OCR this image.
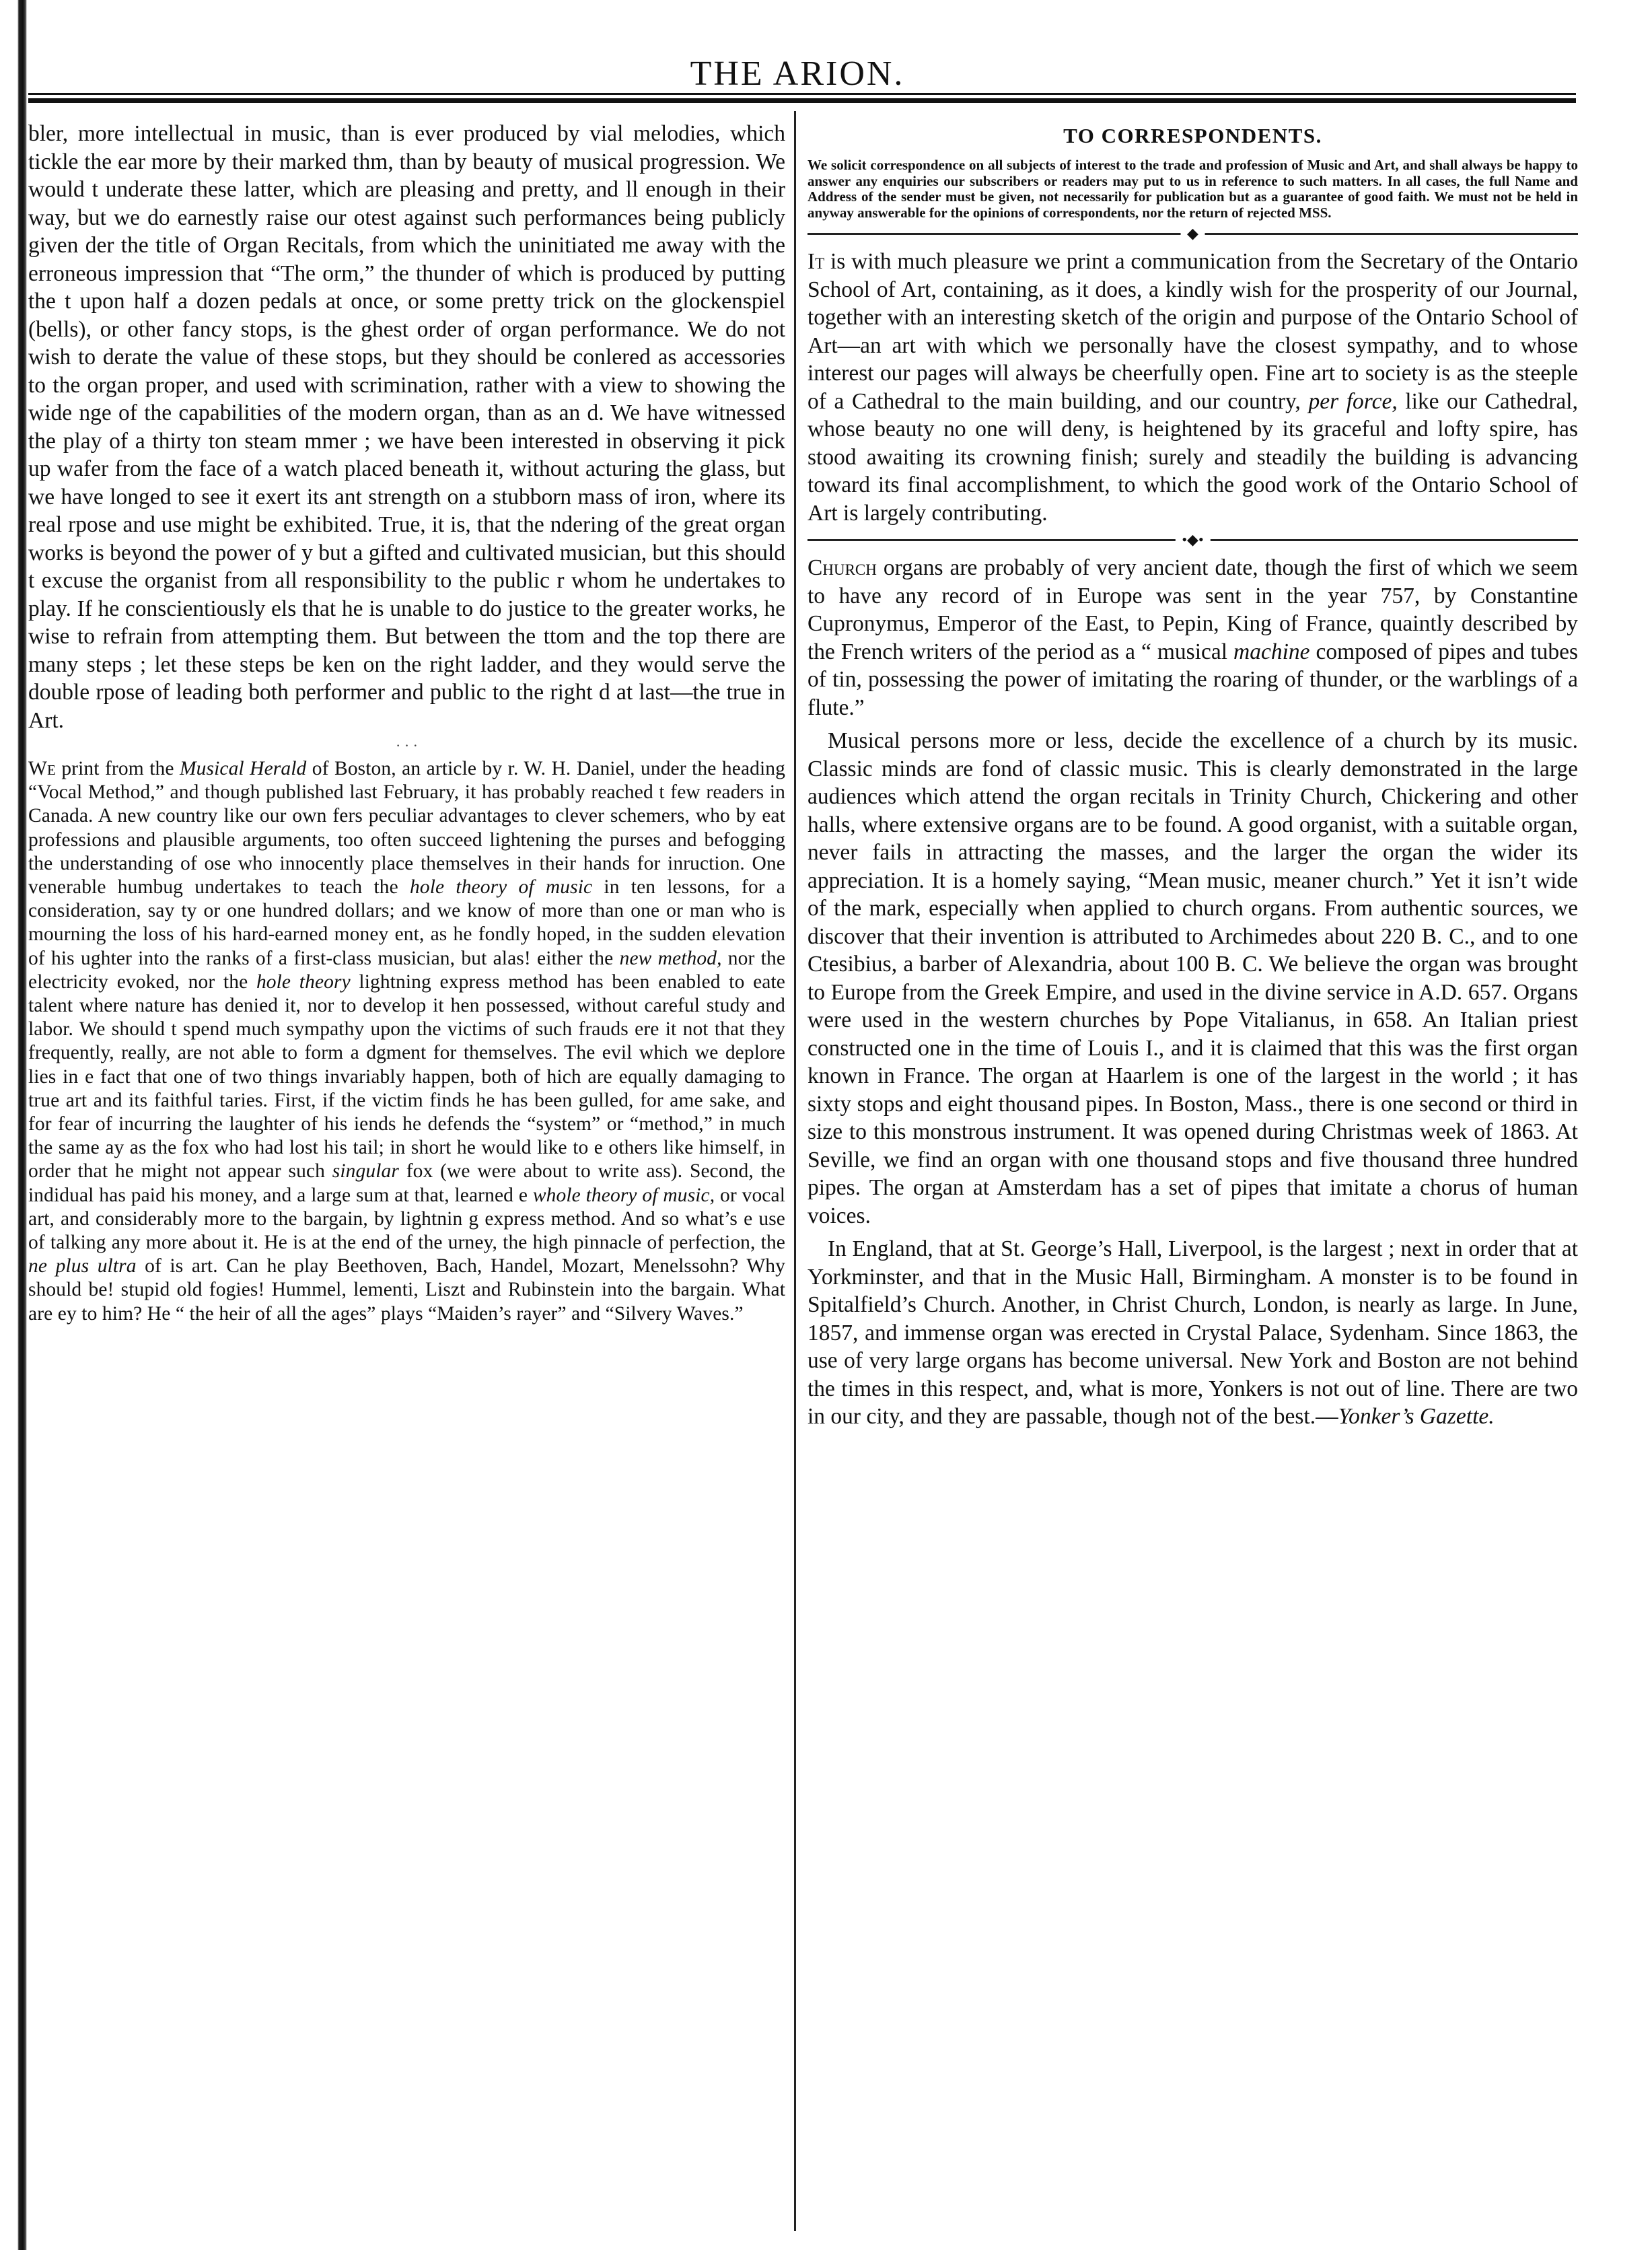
THE ARION.

bler, more intellectual in music, than is ever produced by vial melodies, which tickle the ear more by their marked thm, than by beauty of musical progression. We would t underate these latter, which are pleasing and pretty, and ll enough in their way, but we do earnestly raise our otest against such performances being publicly given der the title of Organ Recitals, from which the uninitiated me away with the erroneous impression that “The orm,” the thunder of which is produced by putting the t upon half a dozen pedals at once, or some pretty trick on the glockenspiel (bells), or other fancy stops, is the ghest order of organ performance. We do not wish to derate the value of these stops, but they should be conlered as accessories to the organ proper, and used with scrimination, rather with a view to showing the wide nge of the capabilities of the modern organ, than as an d. We have witnessed the play of a thirty ton steam mmer ; we have been interested in observing it pick up wafer from the face of a watch placed beneath it, without acturing the glass, but we have longed to see it exert its ant strength on a stubborn mass of iron, where its real rpose and use might be exhibited. True, it is, that the ndering of the great organ works is beyond the power of y but a gifted and cultivated musician, but this should t excuse the organist from all responsibility to the public r whom he undertakes to play. If he conscientiously els that he is unable to do justice to the greater works, he wise to refrain from attempting them. But between the ttom and the top there are many steps ; let these steps be ken on the right ladder, and they would serve the double rpose of leading both performer and public to the right d at last—the true in Art.

· · ·

We print from the Musical Herald of Boston, an article by r. W. H. Daniel, under the heading “Vocal Method,” and though published last February, it has probably reached t few readers in Canada. A new country like our own fers peculiar advantages to clever schemers, who by eat professions and plausible arguments, too often succeed lightening the purses and befogging the understanding of ose who innocently place themselves in their hands for inruction. One venerable humbug undertakes to teach the hole theory of music in ten lessons, for a consideration, say ty or one hundred dollars; and we know of more than one or man who is mourning the loss of his hard-earned money ent, as he fondly hoped, in the sudden elevation of his ughter into the ranks of a first-class musician, but alas! either the new method, nor the electricity evoked, nor the hole theory lightning express method has been enabled to eate talent where nature has denied it, nor to develop it hen possessed, without careful study and labor. We should t spend much sympathy upon the victims of such frauds ere it not that they frequently, really, are not able to form a dgment for themselves. The evil which we deplore lies in e fact that one of two things invariably happen, both of hich are equally damaging to true art and its faithful taries. First, if the victim finds he has been gulled, for ame sake, and for fear of incurring the laughter of his iends he defends the “system” or “method,” in much the same ay as the fox who had lost his tail; in short he would like to e others like himself, in order that he might not appear such singular fox (we were about to write ass). Second, the indidual has paid his money, and a large sum at that, learned e whole theory of music, or vocal art, and considerably more to the bargain, by lightnin g express method. And so what’s e use of talking any more about it. He is at the end of the urney, the high pinnacle of perfection, the ne plus ultra of is art. Can he play Beethoven, Bach, Handel, Mozart, Menelssohn? Why should be! stupid old fogies! Hummel, lementi, Liszt and Rubinstein into the bargain. What are ey to him? He “ the heir of all the ages” plays “Maiden’s rayer” and “Silvery Waves.”

TO CORRESPONDENTS.

We solicit correspondence on all subjects of interest to the trade and profession of Music and Art, and shall always be happy to answer any enquiries our subscribers or readers may put to us in reference to such matters. In all cases, the full Name and Address of the sender must be given, not necessarily for publication but as a guarantee of good faith. We must not be held in anyway answerable for the opinions of correspondents, nor the return of rejected MSS.

◆

It is with much pleasure we print a communication from the Secretary of the Ontario School of Art, containing, as it does, a kindly wish for the prosperity of our Journal, together with an interesting sketch of the origin and purpose of the Ontario School of Art—an art with which we personally have the closest sympathy, and to whose interest our pages will always be cheerfully open. Fine art to society is as the steeple of a Cathedral to the main building, and our country, per force, like our Cathedral, whose beauty no one will deny, is heightened by its graceful and lofty spire, has stood awaiting its crowning finish; surely and steadily the building is advancing toward its final accomplishment, to which the good work of the Ontario School of Art is largely contributing.

•◆•

Church organs are probably of very ancient date, though the first of which we seem to have any record of in Europe was sent in the year 757, by Constantine Cupronymus, Emperor of the East, to Pepin, King of France, quaintly described by the French writers of the period as a “ musical machine composed of pipes and tubes of tin, possessing the power of imitating the roaring of thunder, or the warblings of a flute.”

Musical persons more or less, decide the excellence of a church by its music. Classic minds are fond of classic music. This is clearly demonstrated in the large audiences which attend the organ recitals in Trinity Church, Chickering and other halls, where extensive organs are to be found. A good organist, with a suitable organ, never fails in attracting the masses, and the larger the organ the wider its appreciation. It is a homely saying, “Mean music, meaner church.” Yet it isn’t wide of the mark, especially when applied to church organs. From authentic sources, we discover that their invention is attributed to Archimedes about 220 B. C., and to one Ctesibius, a barber of Alexandria, about 100 B. C. We believe the organ was brought to Europe from the Greek Empire, and used in the divine service in A.D. 657. Organs were used in the western churches by Pope Vitalianus, in 658. An Italian priest constructed one in the time of Louis I., and it is claimed that this was the first organ known in France. The organ at Haarlem is one of the largest in the world ; it has sixty stops and eight thousand pipes. In Boston, Mass., there is one second or third in size to this monstrous instrument. It was opened during Christmas week of 1863. At Seville, we find an organ with one thousand stops and five thousand three hundred pipes. The organ at Amsterdam has a set of pipes that imitate a chorus of human voices.

In England, that at St. George’s Hall, Liverpool, is the largest ; next in order that at Yorkminster, and that in the Music Hall, Birmingham. A monster is to be found in Spitalfield’s Church. Another, in Christ Church, London, is nearly as large. In June, 1857, and immense organ was erected in Crystal Palace, Sydenham. Since 1863, the use of very large organs has become universal. New York and Boston are not behind the times in this respect, and, what is more, Yonkers is not out of line. There are two in our city, and they are passable, though not of the best.—Yonker’s Gazette.
